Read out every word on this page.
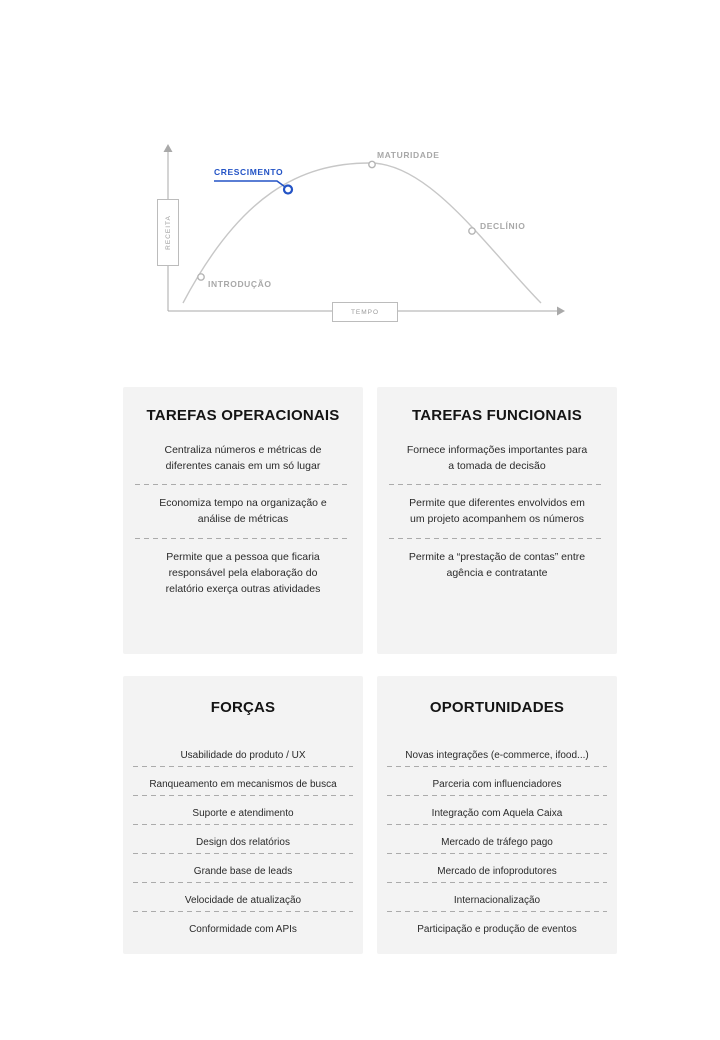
RECEITA
TEMPO
INTRODUÇÃO
CRESCIMENTO
MATURIDADE
DECLÍNIO
TAREFAS OPERACIONAIS

Centraliza números e métricas de diferentes canais em um só lugar

Economiza tempo na organização e análise de métricas

Permite que a pessoa que ficaria responsável pela elaboração do relatório exerça outras atividades

TAREFAS FUNCIONAIS

Fornece informações importantes para a tomada de decisão

Permite que diferentes envolvidos em um projeto acompanhem os números

Permite a “prestação de contas” entre agência e contratante

FORÇAS
Usabilidade do produto / UX
Ranqueamento em mecanismos de busca
Suporte e atendimento
Design dos relatórios
Grande base de leads
Velocidade de atualização
Conformidade com APIs
OPORTUNIDADES
Novas integrações (e-commerce, ifood...)
Parceria com influenciadores
Integração com Aquela Caixa
Mercado de tráfego pago
Mercado de infoprodutores
Internacionalização
Participação e produção de eventos
